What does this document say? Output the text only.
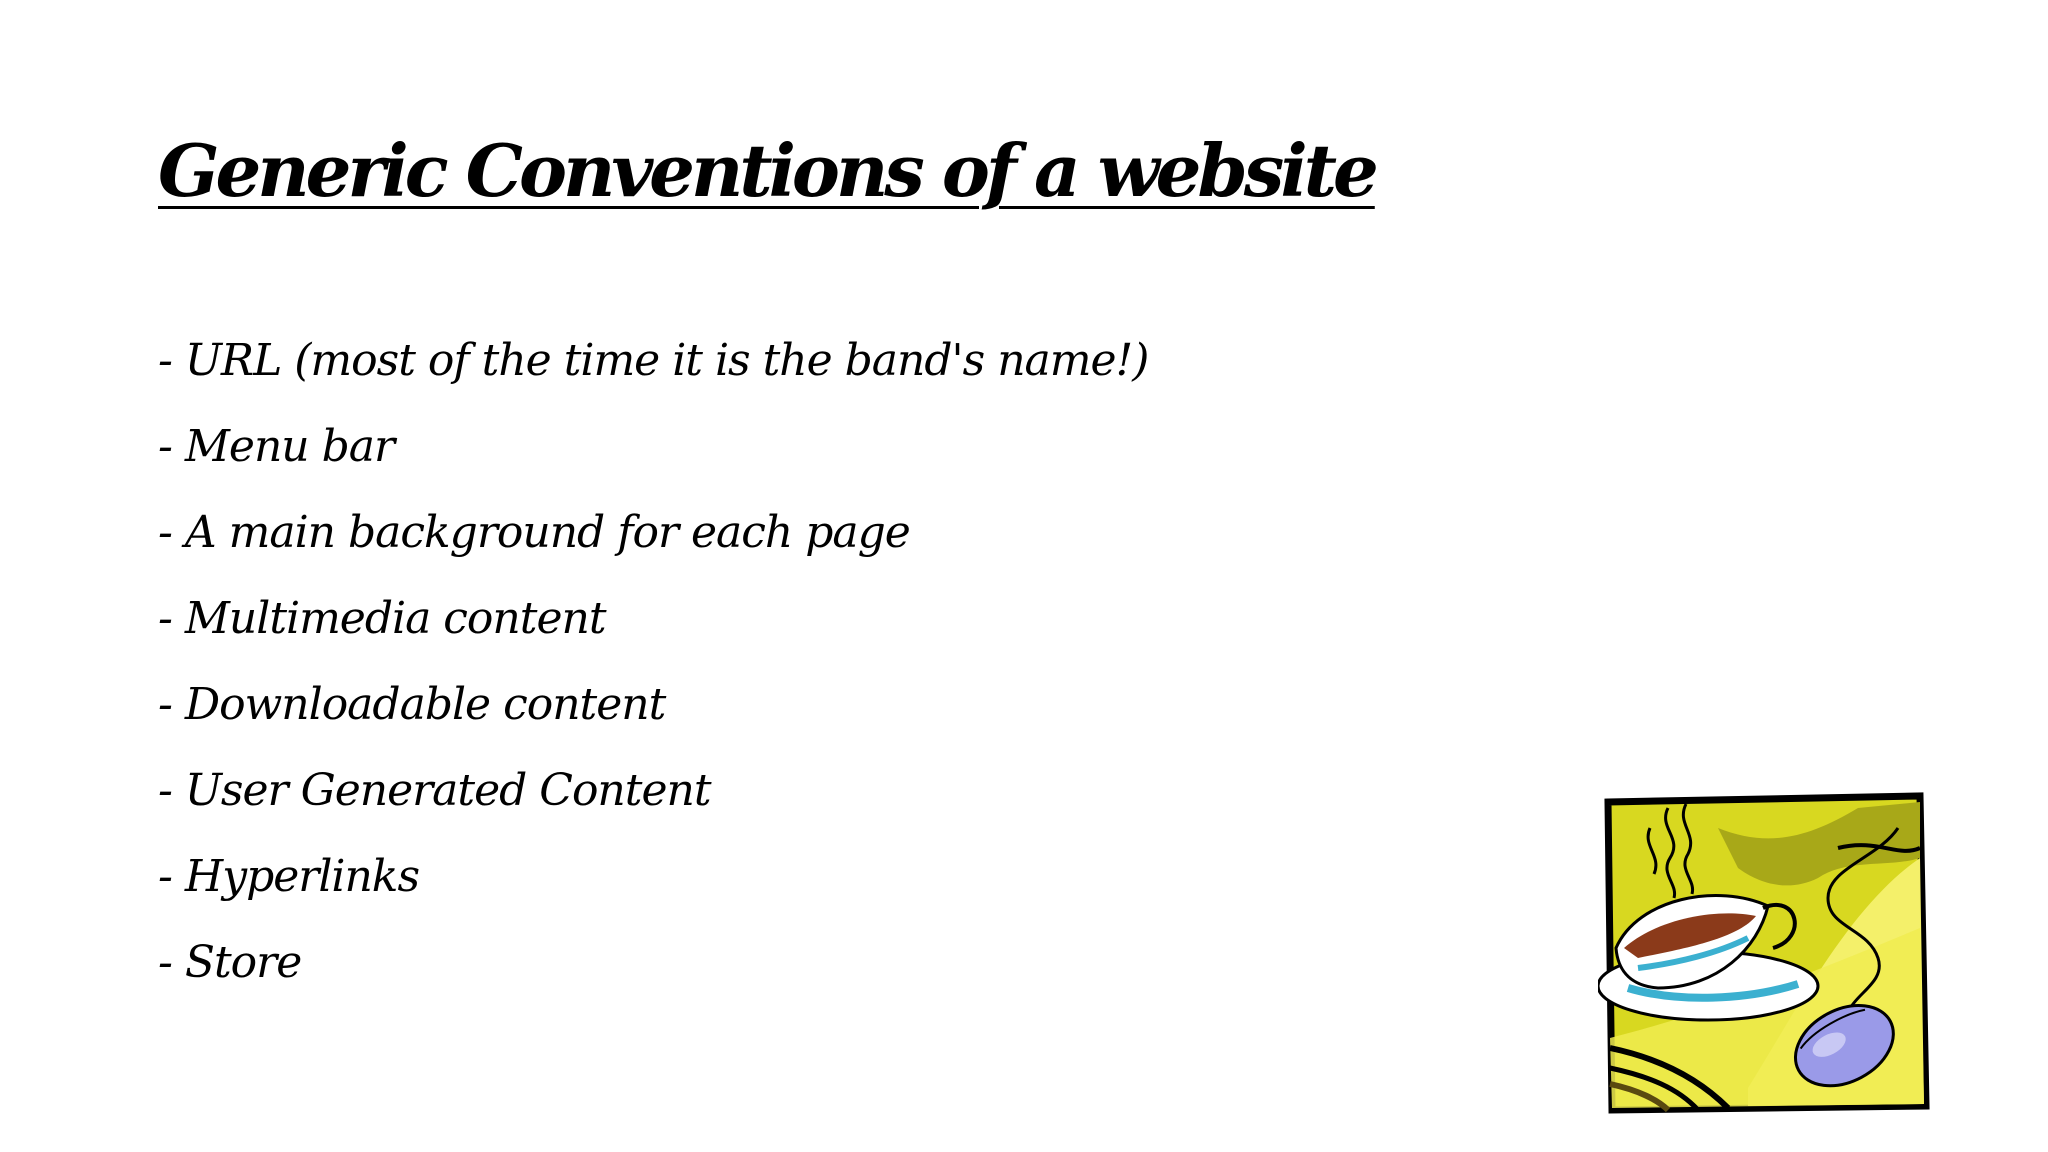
Generic Conventions of a website
- URL (most of the time it is the band's name!)
- Menu bar
- A main background for each page
- Multimedia content
- Downloadable content
- User Generated Content
- Hyperlinks
- Store
